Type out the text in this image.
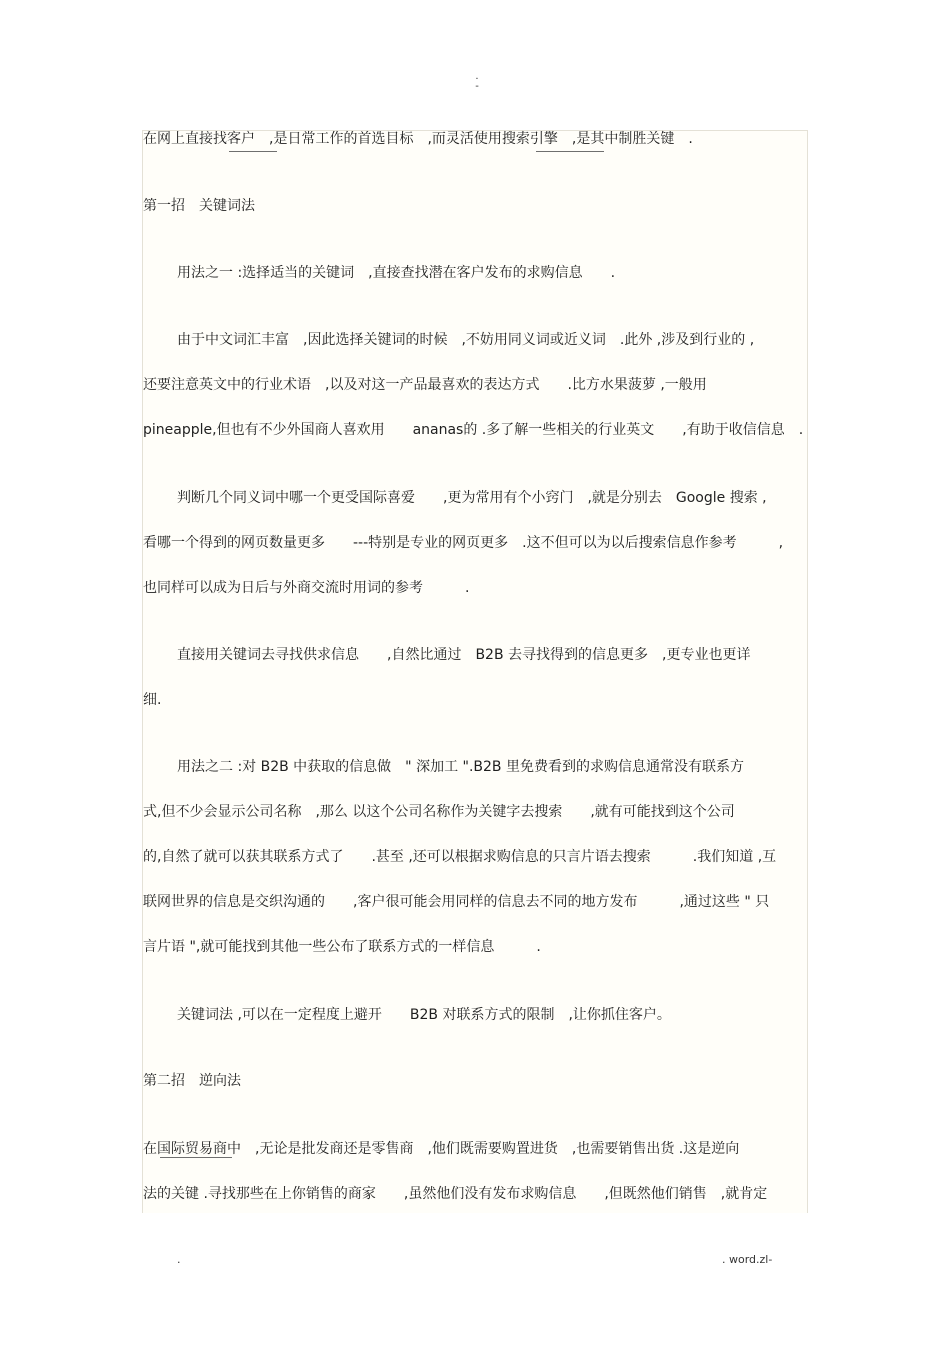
.
-
在网上直接找客户　,是日常工作的首选目标　,而灵活使用搜索引擎　,是其中制胜关键　.
第一招　关键词法
用法之一 :选择适当的关键词　,直接查找潜在客户发布的求购信息　　.
由于中文词汇丰富　,因此选择关键词的时候　,不妨用同义词或近义词　.此外 ,涉及到行业的 ,
还要注意英文中的行业术语　,以及对这一产品最喜欢的表达方式　　.比方水果菠萝 ,一般用
pineapple,但也有不少外国商人喜欢用　　ananas的 .多了解一些相关的行业英文　　,有助于收信信息　.
判断几个同义词中哪一个更受国际喜爱　　,更为常用有个小窍门　,就是分别去　Google 搜索 ,
看哪一个得到的网页数量更多　　---特别是专业的网页更多　.这不但可以为以后搜索信息作参考　　　,
也同样可以成为日后与外商交流时用词的参考　　　.
直接用关键词去寻找供求信息　　,自然比通过　B2B 去寻找得到的信息更多　,更专业也更详
细.
用法之二 :对 B2B 中获取的信息做　" 深加工 ".B2B 里免费看到的求购信息通常没有联系方
式,但不少会显示公司名称　,那么 以这个公司名称作为关键字去搜索　　,就有可能找到这个公司
的,自然了就可以获其联系方式了　　.甚至 ,还可以根据求购信息的只言片语去搜索　　　.我们知道 ,互
联网世界的信息是交织沟通的　　,客户很可能会用同样的信息去不同的地方发布　　　,通过这些 " 只
言片语 ",就可能找到其他一些公布了联系方式的一样信息　　　.
关键词法 ,可以在一定程度上避开　　B2B 对联系方式的限制　,让你抓住客户。
第二招　逆向法
在国际贸易商中　,无论是批发商还是零售商　,他们既需要购置进货　,也需要销售出货 .这是逆向
法的关键 .寻找那些在上你销售的商家　　,虽然他们没有发布求购信息　　,但既然他们销售　,就肯定
.	. word.zl-
